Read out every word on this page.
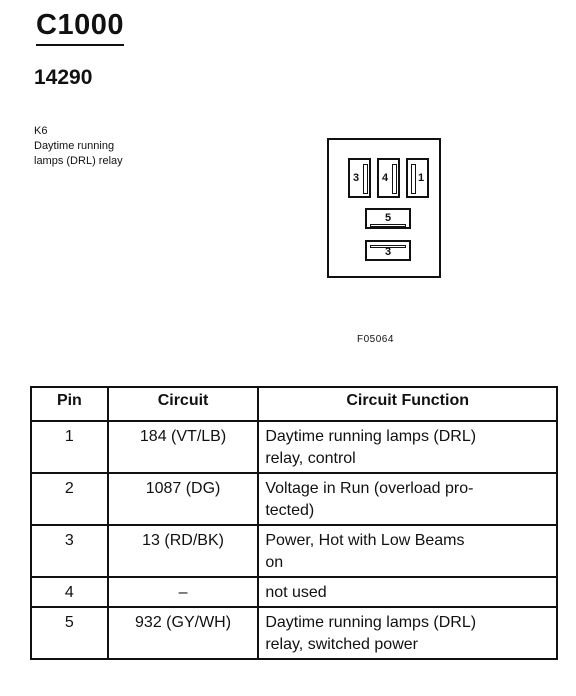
C1000
14290
K6
Daytime running
lamps (DRL) relay
3 4	1
5
3
F05064
Pin	Circuit	Circuit Function
1	184 (VT/LB)	Daytime running lamps (DRL)
relay, control

2	1087 (DG)	Voltage in Run (overload pro-
tected)

3	13 (RD/BK)	Power, Hot with Low Beams
on

4	–	not used

5	932 (GY/WH)	Daytime running lamps (DRL)
relay, switched power
